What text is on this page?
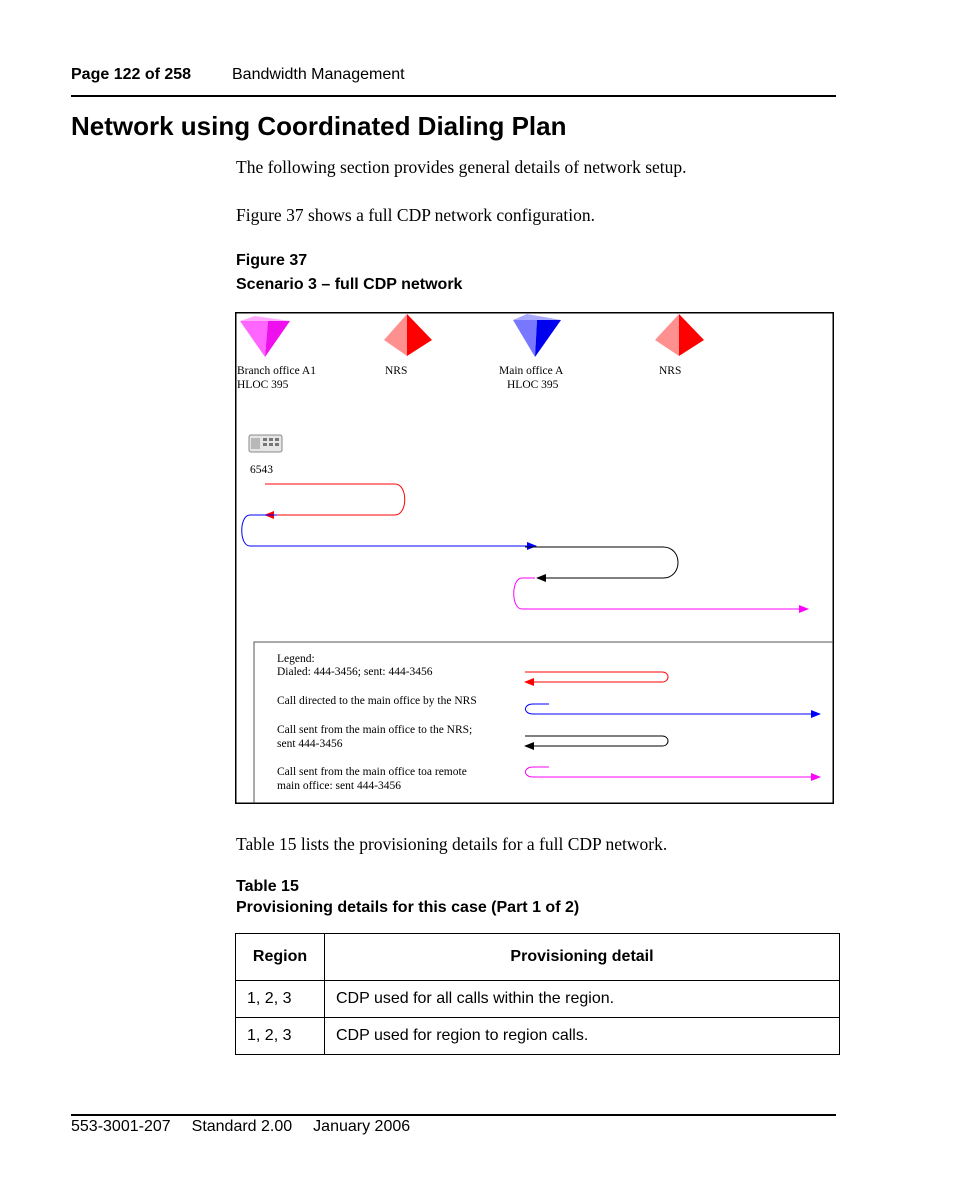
Page 122 of 258	Bandwidth Management
Network using Coordinated Dialing Plan
The following section provides general details of network setup.
Figure 37 shows a full CDP network configuration.
Figure 37
Scenario 3 – full CDP network
Branch office A1
HLOC 395
NRS	Main office A
HLOC 395
NRS
6543
Legend:
Dialed: 444-3456; sent: 444-3456
Call directed to the main office by the NRS
Call sent from the main office to the NRS;
sent 444-3456
Call sent from the main office toa remote
main office: sent 444-3456
Table 15 lists the provisioning details for a full CDP network.
Table 15
Provisioning details for this case (Part 1 of 2)
Region	Provisioning detail
1, 2, 3	CDP used for all calls within the region.
1, 2, 3	CDP used for region to region calls.
553-3001-207 Standard 2.00 January 2006
